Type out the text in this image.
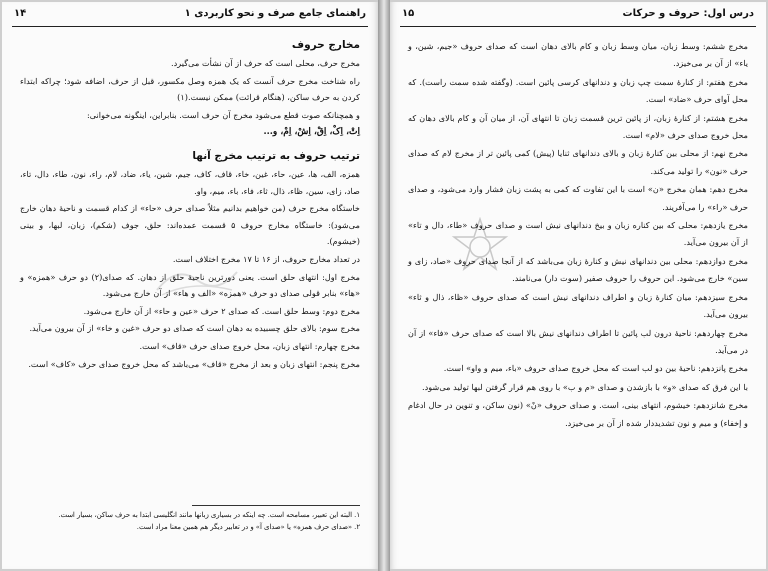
راهنمای جامع صرف و نحو کاربردی ۱
۱۴
مخارج حروف

مخرج حرف، محلی است که حرف از آن نشأت می‌گیرد.

راه شناخت مخرج حرف آنست که یک همزه وصل مکسور، قبل از حرف، اضافه شود؛ چراکه ابتداء کردن به حرف ساکن، (هنگام قرائت) ممکن نیست.(۱)

و همچنانکه صوت قطع می‌شود مخرج آن حرف است. بنابراین، اینگونه می‌خوانی:

اِتْ، اِکْ، اِقْ، اِشْ، اِمْ، و...

ترتیب حروف به ترتیب مخرج آنها

همزه، الف، ها، عین، حاء، غین، خاء، قاف، کاف، جیم، شین، یاء، ضاد، لام، راء، نون، طاء، دال، تاء، صاد، زای، سین، ظاء، ذال، ثاء، فاء، باء، میم، واو.

خاستگاه مخرج حرف (من خواهیم بدانیم مثلاً صدای حرف «حاء» از کدام قسمت و ناحیهٔ دهان خارج می‌شود): خاستگاه مخارج حروف ۵ قسمت عمده‌اند: حلق، جوف (شکم)، زبان، لبها، و بینی (خیشوم).

در تعداد مخارج حروف، از ۱۶ تا ۱۷ مخرج اختلاف است.

مخرج اول: انتهای حلق است. یعنی دورترین ناحیهٔ حلق از دهان. که صدای(۲) دو حرف «همزه» و «هاء» بنابر قولی صدای دو حرف «همزه» «الف و هاء» از آن خارج می‌شود.

مخرج دوم: وسط حلق است. که صدای ۲ حرف «عین و حاء» از آن خارج می‌شود.

مخرج سوم: بالای حلق چسبیده به دهان است که صدای دو حرف «غین و خاء» از آن بیرون می‌آید.

مخرج چهارم: انتهای زبان، محل خروج صدای حرف «قاف» است.

مخرج پنجم: انتهای زبان و بعد از مخرج «قاف» می‌باشد که محل خروج صدای حرف «کاف» است.

۱. البته این تعبیر، مسامحه است. چه اینکه در بسیاری زبانها مانند انگلیسی ابتدا به حرف ساکن، بسیار است.

۲. «صدای حرف همزه» یا «صدای آ» و در تعابیر دیگر هم همین معنا مراد است.

درس اول: حروف و حرکات
۱۵

مخرج ششم: وسط زبان، میان وسط زبان و کام بالای دهان است که صدای حروف «جیم، شین، و یاء» از آن بر می‌خیزد.

مخرج هفتم: از کنارهٔ سمت چپ زبان و دندانهای کرسی پائین است. (وگفته شده سمت راست). که محل آوای حرف «ضاد» است.

مخرج هشتم: از کنارهٔ زبان، از پائین ترین قسمت زبان تا انتهای آن، از میان آن و کام بالای دهان که محل خروج صدای حرف «لام» است.

مخرج نهم: از محلی بین کنارهٔ زبان و بالای دندانهای ثنایا (پیش) کمی پائین تر از مخرج لام که صدای حرف «نون» را تولید می‌کند.

مخرج دهم: همان مخرج «ن» است با این تفاوت که کمی به پشت زبان فشار وارد می‌شود، و صدای حرف «راء» را می‌آفریند.

مخرج یازدهم: محلی که بین کناره زبان و بیخ دندانهای نیش است و صدای حروف «طاء، دال و تاء» از آن بیرون می‌آید.

مخرج دوازدهم: محلی بین دندانهای نیش و کنارهٔ زبان می‌باشد که از آنجا صدای حروف «صاد، زای و سین» خارج می‌شود. این حروف را حروف صفیر (سوت دار) می‌نامند.

مخرج سیزدهم: میان کنارهٔ زبان و اطراف دندانهای نیش است که صدای حروف «ظاء، ذال و ثاء» بیرون می‌آید.

مخرج چهاردهم: ناحیهٔ درون لب پائین تا اطراف دندانهای نیش بالا است که صدای حرف «فاء» از آن در می‌آید.

مخرج پانزدهم: ناحیهٔ بین دو لب است که محل خروج صدای حروف «باء، میم و واو» است.

با این فرق که صدای «و» با بازشدن و صدای «م و ب» با روی هم قرار گرفتن لبها تولید می‌شود.

مخرج شانزدهم: خیشوم، انتهای بینی، است. و صدای حروف «نْ» (نون ساکن، و تنوین در حال ادغام و إخفاء) و میم و نون تشدیددار شده از آن بر می‌خیزد.
